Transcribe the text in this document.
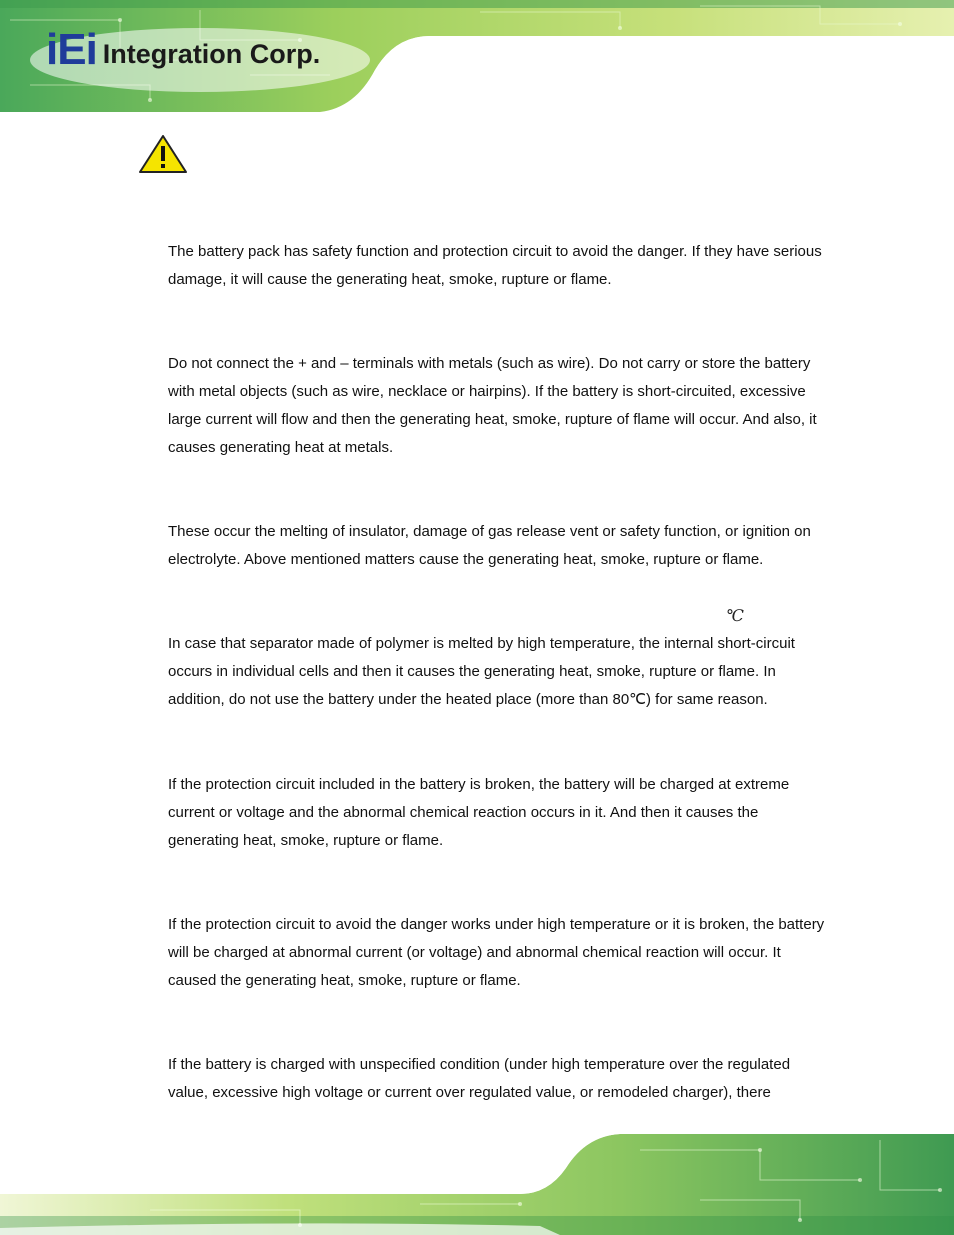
iEi Integration Corp.

The battery pack has safety function and protection circuit to avoid the danger. If they have serious damage, it will cause the generating heat, smoke, rupture or flame.

Do not connect the + and – terminals with metals (such as wire). Do not carry or store the battery with metal objects (such as wire, necklace or hairpins). If the battery is short-circuited, excessive large current will flow and then the generating heat, smoke, rupture of flame will occur. And also, it causes generating heat at metals.

These occur the melting of insulator, damage of gas release vent or safety function, or ignition on electrolyte. Above mentioned matters cause the generating heat, smoke, rupture or flame.

℃

In case that separator made of polymer is melted by high temperature, the internal short-circuit occurs in individual cells and then it causes the generating heat, smoke, rupture or flame. In addition, do not use the battery under the heated place (more than 80℃) for same reason.

If the protection circuit included in the battery is broken, the battery will be charged at extreme current or voltage and the abnormal chemical reaction occurs in it. And then it causes the generating heat, smoke, rupture or flame.

If the protection circuit to avoid the danger works under high temperature or it is broken, the battery will be charged at abnormal current (or voltage) and abnormal chemical reaction will occur. It caused the generating heat, smoke, rupture or flame.

If the battery is charged with unspecified condition (under high temperature over the regulated value, excessive high voltage or current over regulated value, or remodeled charger), there
